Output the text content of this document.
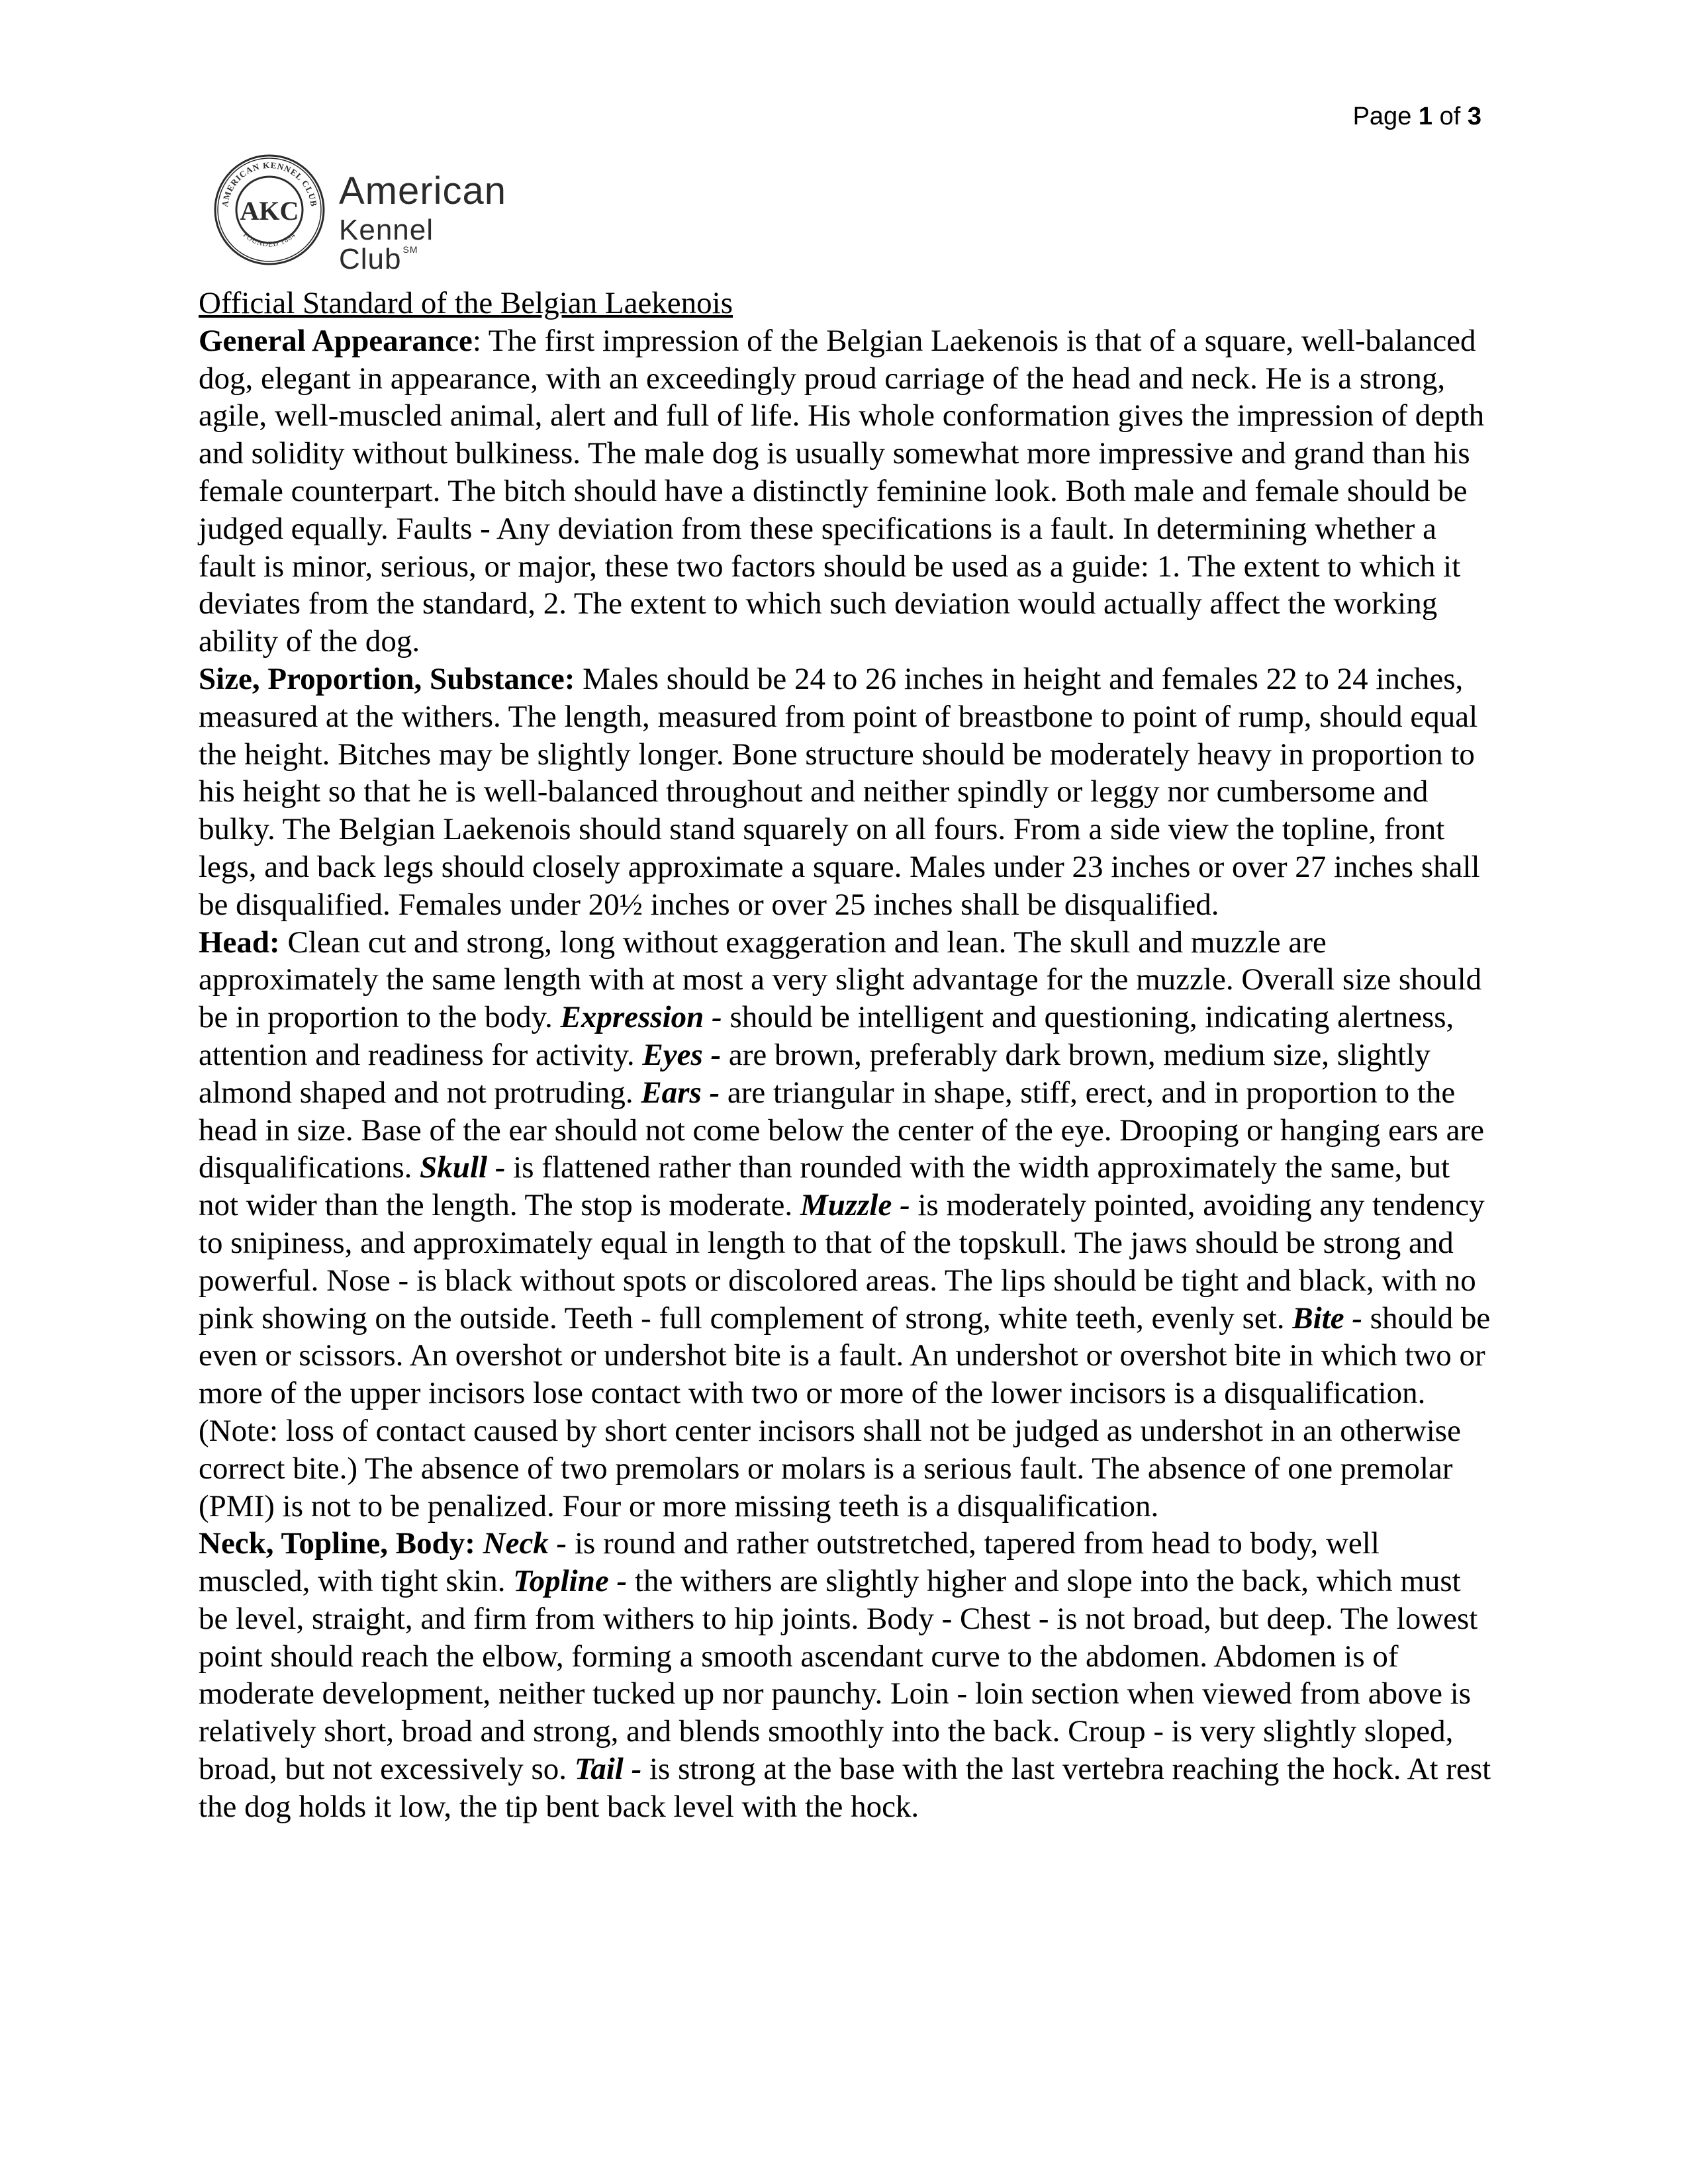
Page 1 of 3
AMERICAN KENNEL CLUB
FOUNDED 1884
AKC American
Kennel Club ℠

Official Standard of the Belgian Laekenois

General Appearance: The first impression of the Belgian Laekenois is that of a square, well-balanced dog, elegant in appearance, with an exceedingly proud carriage of the head and neck. He is a strong, agile, well-muscled animal, alert and full of life. His whole conformation gives the impression of depth and solidity without bulkiness. The male dog is usually somewhat more impressive and grand than his female counterpart. The bitch should have a distinctly feminine look. Both male and female should be judged equally. Faults - Any deviation from these specifications is a fault. In determining whether a fault is minor, serious, or major, these two factors should be used as a guide: 1. The extent to which it deviates from the standard, 2. The extent to which such deviation would actually affect the working ability of the dog.

Size, Proportion, Substance: Males should be 24 to 26 inches in height and females 22 to 24 inches, measured at the withers. The length, measured from point of breastbone to point of rump, should equal the height. Bitches may be slightly longer. Bone structure should be moderately heavy in proportion to his height so that he is well-balanced throughout and neither spindly or leggy nor cumbersome and bulky. The Belgian Laekenois should stand squarely on all fours. From a side view the topline, front legs, and back legs should closely approximate a square. Males under 23 inches or over 27 inches shall be disqualified. Females under 20½ inches or over 25 inches shall be disqualified.

Head: Clean cut and strong, long without exaggeration and lean. The skull and muzzle are approximately the same length with at most a very slight advantage for the muzzle. Overall size should be in proportion to the body. Expression - should be intelligent and questioning, indicating alertness, attention and readiness for activity. Eyes - are brown, preferably dark brown, medium size, slightly almond shaped and not protruding. Ears - are triangular in shape, stiff, erect, and in proportion to the head in size. Base of the ear should not come below the center of the eye. Drooping or hanging ears are disqualifications. Skull - is flattened rather than rounded with the width approximately the same, but not wider than the length. The stop is moderate. Muzzle - is moderately pointed, avoiding any tendency to snipiness, and approximately equal in length to that of the topskull. The jaws should be strong and powerful. Nose - is black without spots or discolored areas. The lips should be tight and black, with no pink showing on the outside. Teeth - full complement of strong, white teeth, evenly set. Bite - should be even or scissors. An overshot or undershot bite is a fault. An undershot or overshot bite in which two or more of the upper incisors lose contact with two or more of the lower incisors is a disqualification. (Note: loss of contact caused by short center incisors shall not be judged as undershot in an otherwise correct bite.) The absence of two premolars or molars is a serious fault. The absence of one premolar (PMI) is not to be penalized. Four or more missing teeth is a disqualification.

Neck, Topline, Body: Neck - is round and rather outstretched, tapered from head to body, well muscled, with tight skin. Topline - the withers are slightly higher and slope into the back, which must be level, straight, and firm from withers to hip joints. Body - Chest - is not broad, but deep. The lowest point should reach the elbow, forming a smooth ascendant curve to the abdomen. Abdomen is of moderate development, neither tucked up nor paunchy. Loin - loin section when viewed from above is relatively short, broad and strong, and blends smoothly into the back. Croup - is very slightly sloped, broad, but not excessively so. Tail - is strong at the base with the last vertebra reaching the hock. At rest the dog holds it low, the tip bent back level with the hock.
